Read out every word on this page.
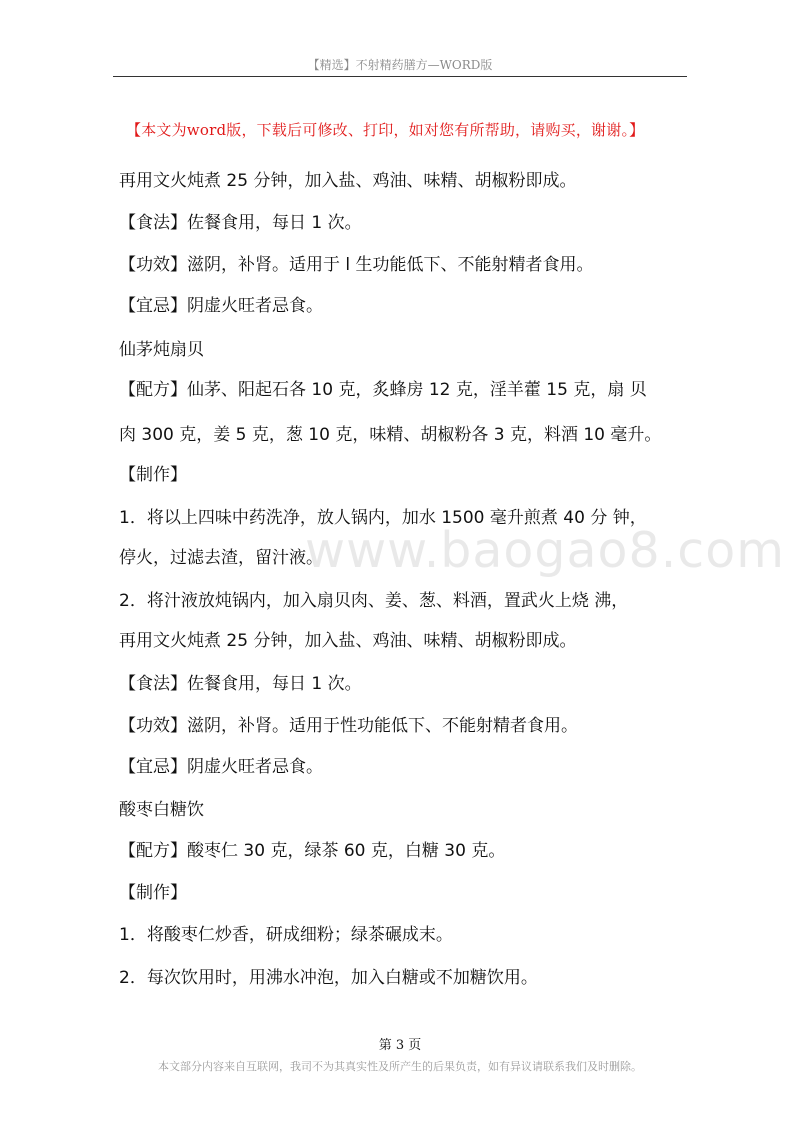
【精选】不射精药膳方—WORD版
【本文为word版，下载后可修改、打印，如对您有所帮助，请购买，谢谢。】
再用文火炖煮 25 分钟，加入盐、鸡油、味精、胡椒粉即成。
【食法】佐餐食用，每日 1 次。
【功效】滋阴，补肾。适用于 l 生功能低下、不能射精者食用。
【宜忌】阴虚火旺者忌食。
仙茅炖扇贝
【配方】仙茅、阳起石各 10 克，炙蜂房 12 克，淫羊藿 15 克，扇 贝
肉 300 克，姜 5 克，葱 10 克，味精、胡椒粉各 3 克，料酒 10 毫升。
【制作】
1．将以上四味中药洗净，放人锅内，加水 1500 毫升煎煮 40 分 钟，
停火，过滤去渣，留汁液。
2．将汁液放炖锅内，加入扇贝肉、姜、葱、料酒，置武火上烧 沸，
再用文火炖煮 25 分钟，加入盐、鸡油、味精、胡椒粉即成。
【食法】佐餐食用，每日 1 次。
【功效】滋阴，补肾。适用于性功能低下、不能射精者食用。
【宜忌】阴虚火旺者忌食。
酸枣白糖饮
【配方】酸枣仁 30 克，绿茶 60 克，白糖 30 克。
【制作】
1．将酸枣仁炒香，研成细粉；绿茶碾成末。
2．每次饮用时，用沸水冲泡，加入白糖或不加糖饮用。
www.baogao8.com
第 3 页
本文部分内容来自互联网，我司不为其真实性及所产生的后果负责，如有异议请联系我们及时删除。
